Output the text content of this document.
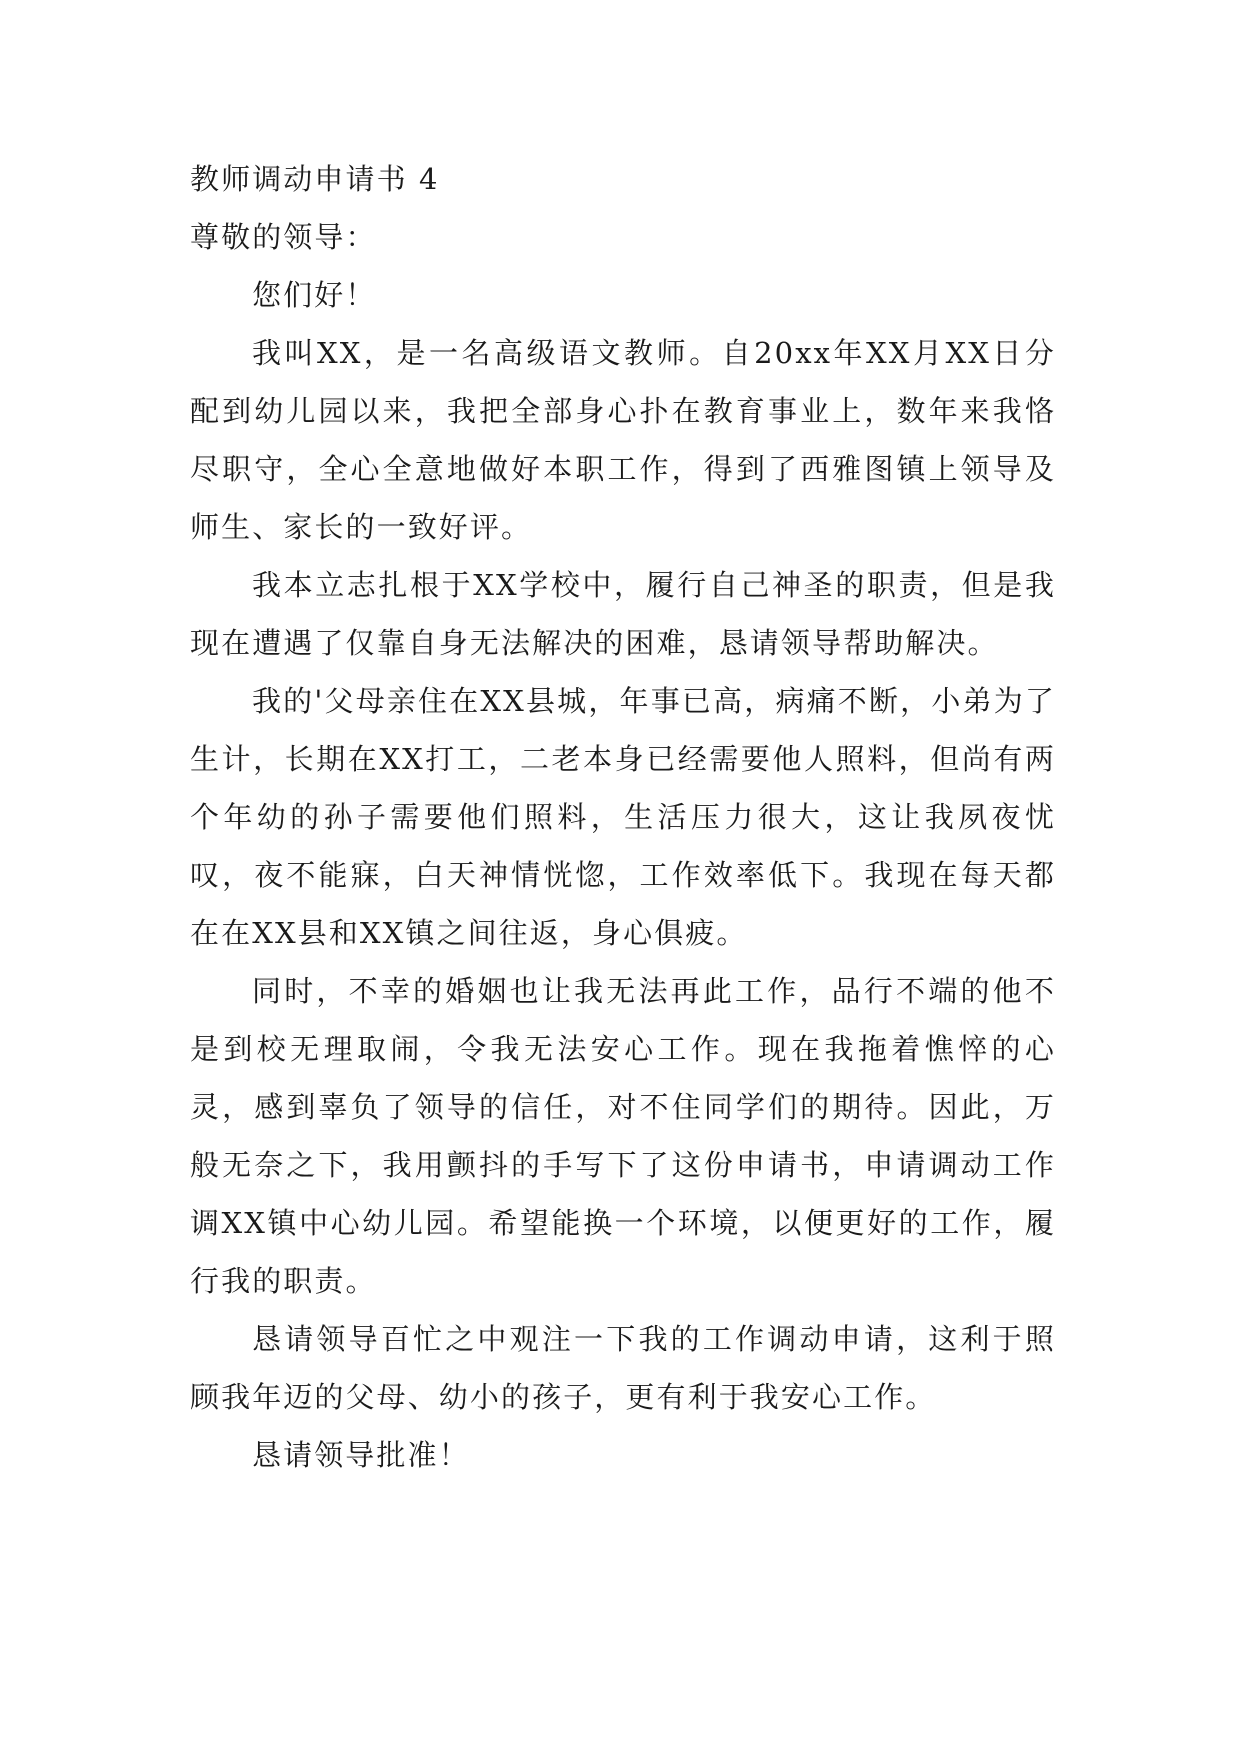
教师调动申请书 4

尊敬的领导：

您们好！

我叫XX，是一名高级语文教师。自20xx年XX月XX日分配到幼儿园以来，我把全部身心扑在教育事业上，数年来我恪尽职守，全心全意地做好本职工作，得到了西雅图镇上领导及师生、家长的一致好评。

我本立志扎根于XX学校中，履行自己神圣的职责，但是我现在遭遇了仅靠自身无法解决的困难，恳请领导帮助解决。

我的'父母亲住在XX县城，年事已高，病痛不断，小弟为了生计，长期在XX打工，二老本身已经需要他人照料，但尚有两个年幼的孙子需要他们照料，生活压力很大，这让我夙夜忧叹，夜不能寐，白天神情恍惚，工作效率低下。我现在每天都在在XX县和XX镇之间往返，身心俱疲。

同时，不幸的婚姻也让我无法再此工作，品行不端的他不是到校无理取闹，令我无法安心工作。现在我拖着憔悴的心灵，感到辜负了领导的信任，对不住同学们的期待。因此，万般无奈之下，我用颤抖的手写下了这份申请书，申请调动工作调XX镇中心幼儿园。希望能换一个环境，以便更好的工作，履行我的职责。

恳请领导百忙之中观注一下我的工作调动申请，这利于照顾我年迈的父母、幼小的孩子，更有利于我安心工作。

恳请领导批准！
